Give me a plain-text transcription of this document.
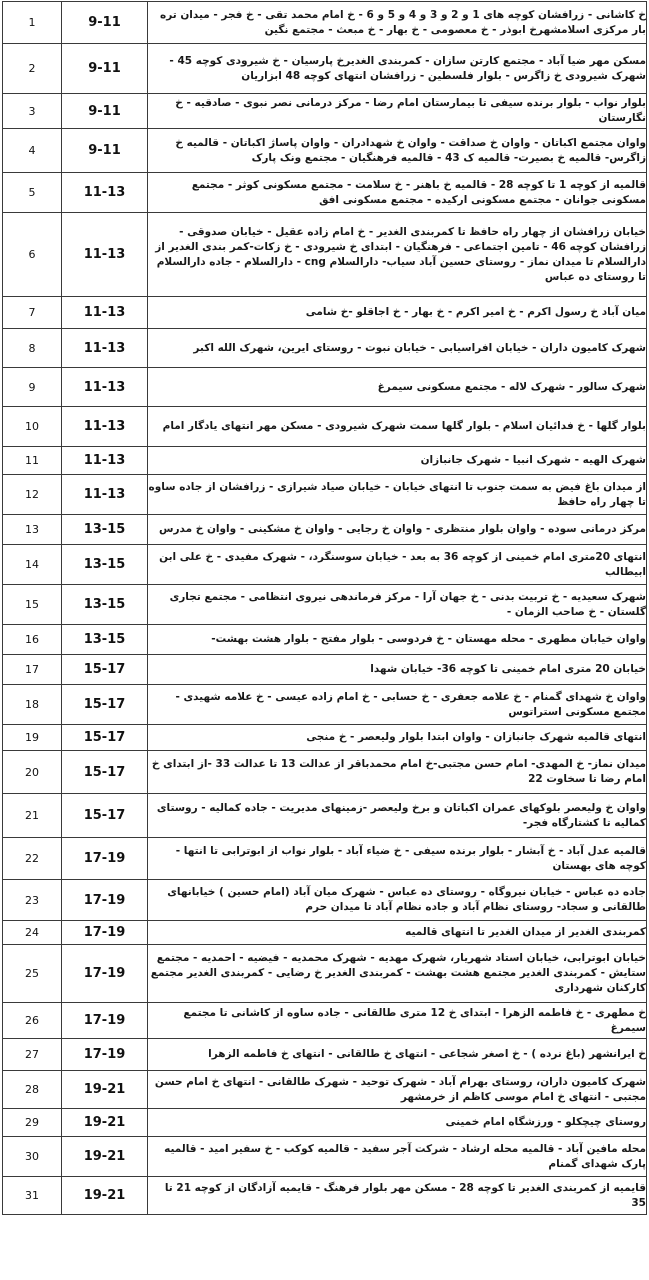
1	9-11	خ کاشانی - زرافشان کوچه های 1 و 2 و 3 و 4 و 5 و 6 - خ امام محمد تقی - خ فجر - میدان تره بار مرکزی اسلامشهرخ ابوذر - خ معصومی - خ بهار - خ مبعث - مجتمع نگین
2	9-11	مسکن مهر ضیا آباد - مجتمع کارتن سازان - کمربندی الغدیرخ پارسیان - خ شیرودی کوچه 45 - شهرک شیرودی خ زاگرس - بلوار فلسطین - زرافشان انتهای کوچه 48 ابزاریان
3	9-11	بلوار نواب - بلوار برنده سیفی تا بیمارستان امام رضا - مرکز درمانی نصر نبوی - صادقیه - خ نگارستان
4	9-11	واوان مجتمع اکباتان - واوان خ صداقت - واوان خ شهدادران - واوان پاساژ اکباتان - قالمیه خ زاگرس- قالمیه خ بصیرت- قالمیه ک 43 - قالمیه فرهنگیان - مجتمع ونک پارک
5	11-13	قالمیه از کوچه 1 تا کوچه 28 - قالمیه خ باهنر - خ سلامت - مجتمع مسکونی کوثر - مجتمع مسکونی جوانان - مجتمع مسکونی ارکیده - مجتمع مسکونی افق
6	11-13	خیابان زرافشان از چهار راه حافظ تا کمربندی الغدیر - خ امام زاده عقیل - خیابان صدوقی - زرافشان کوچه 46 - تامین اجتماعی - فرهنگیان - ابتدای خ شیرودی - خ زکات-کمر بندی الغدیر از دارالسلام تا میدان نماز - روستای حسین آباد سیاب- دارالسلام cng - دارالسلام - جاده دارالسلام تا روستای ده عباس
7	11-13	میان آباد خ رسول اکرم - خ امیر اکرم - خ بهار - خ اجاقلو -خ شامی
8	11-13	شهرک کامیون داران - خیابان افراسیابی - خیابان نبوت - روستای ایرین، شهرک الله اکبر
9	11-13	شهرک سالور - شهرک لاله - مجتمع مسکونی سیمرغ
10	11-13	بلوار گلها - خ فدائیان اسلام - بلوار گلها سمت شهرک شیرودی - مسکن مهر انتهای یادگار امام
11	11-13	شهرک الهیه - شهرک انبیا - شهرک جانبازان
12	11-13	از میدان باغ فیض به سمت جنوب تا انتهای خیابان - خیابان صیاد شیرازی - زرافشان از جاده ساوه تا چهار راه حافظ
13	13-15	مرکز درمانی سوده - واوان بلوار منتظری - واوان خ رجایی - واوان خ مشکینی - واوان خ مدرس
14	13-15	انتهای 20متری امام خمینی از کوچه 36 به بعد - خیابان سوسنگرد، - شهرک مفیدی - خ علی ابن ابیطالب
15	13-15	شهرک سعیدیه - خ تربیت بدنی - خ جهان آرا - مرکز فرماندهی نیروی انتظامی - مجتمع تجاری گلستان - خ صاحب الزمان -
16	13-15	واوان خیابان مطهری - محله مهستان - خ فردوسی - بلوار مفتح - بلوار هشت بهشت-
17	15-17	خیابان 20 متری امام خمینی تا کوچه 36- خیابان شهدا
18	15-17	واوان خ شهدای گمنام - خ علامه جعفری - خ حسابی - خ امام زاده عیسی - خ علامه شهیدی - مجتمع مسکونی استراتوس
19	15-17	انتهای قالمیه شهرک جانبازان - واوان ابتدا بلوار ولیعصر - خ منجی
20	15-17	میدان نماز- خ المهدی- امام حسن مجتبی-خ امام محمدباقر از عدالت 13 تا عدالت 33 -از ابتدای خ امام رضا تا سخاوت 22
21	15-17	واوان خ ولیعصر بلوکهای عمران اکباتان و برخ ولیعصر -زمینهای مدیریت - جاده کمالیه - روستای کمالیه تا کشتارگاه فجر-
22	17-19	قالمیه عدل آباد - خ آبشار - بلوار برنده سیفی - خ ضیاء آباد - بلوار نواب از ابوترابی تا انتها - کوچه های بهستان
23	17-19	جاده ده عباس - خیابان نیروگاه - روستای ده عباس - شهرک میان آباد (امام حسین ) خیابانهای طالقانی و سجاد- روستای نظام آباد و جاده نظام آباد تا میدان حرم
24	17-19	کمربندی الغدیر از میدان الغدیر تا انتهای قالمیه
25	17-19	خیابان ابوترابی، خیابان استاد شهریار، شهرک مهدیه - شهرک محمدیه - فیضیه - احمدیه - مجتمع ستایش - کمربندی الغدیر مجتمع هشت بهشت - کمربندی الغدیر خ رضایی - کمربندی الغدیر مجتمع کارکنان شهرداری
26	17-19	خ مطهری - خ فاطمه الزهرا - ابتدای خ 12 متری طالقانی - جاده ساوه از کاشانی تا مجتمع سیمرغ
27	17-19	خ ایرانشهر (باغ نرده ) - خ اصغر شجاعی - انتهای خ طالقانی - انتهای خ فاطمه الزهرا
28	19-21	شهرک کامیون داران، روستای بهرام آباد - شهرک توحید - شهرک طالقانی - انتهای خ امام حسن مجتبی - انتهای خ امام موسی کاظم از خرمشهر
29	19-21	روستای چیچکلو - ورزشگاه امام خمینی
30	19-21	محله مافین آباد - قالمیه محله ارشاد - شرکت آجر سفید - قالمیه کوکب - خ سفیر امید - قالمیه پارک شهدای گمنام
31	19-21	قایمیه از کمربندی الغدیر تا کوچه 28 - مسکن مهر بلوار فرهنگ - قایمیه آزادگان از کوچه 21 تا 35
